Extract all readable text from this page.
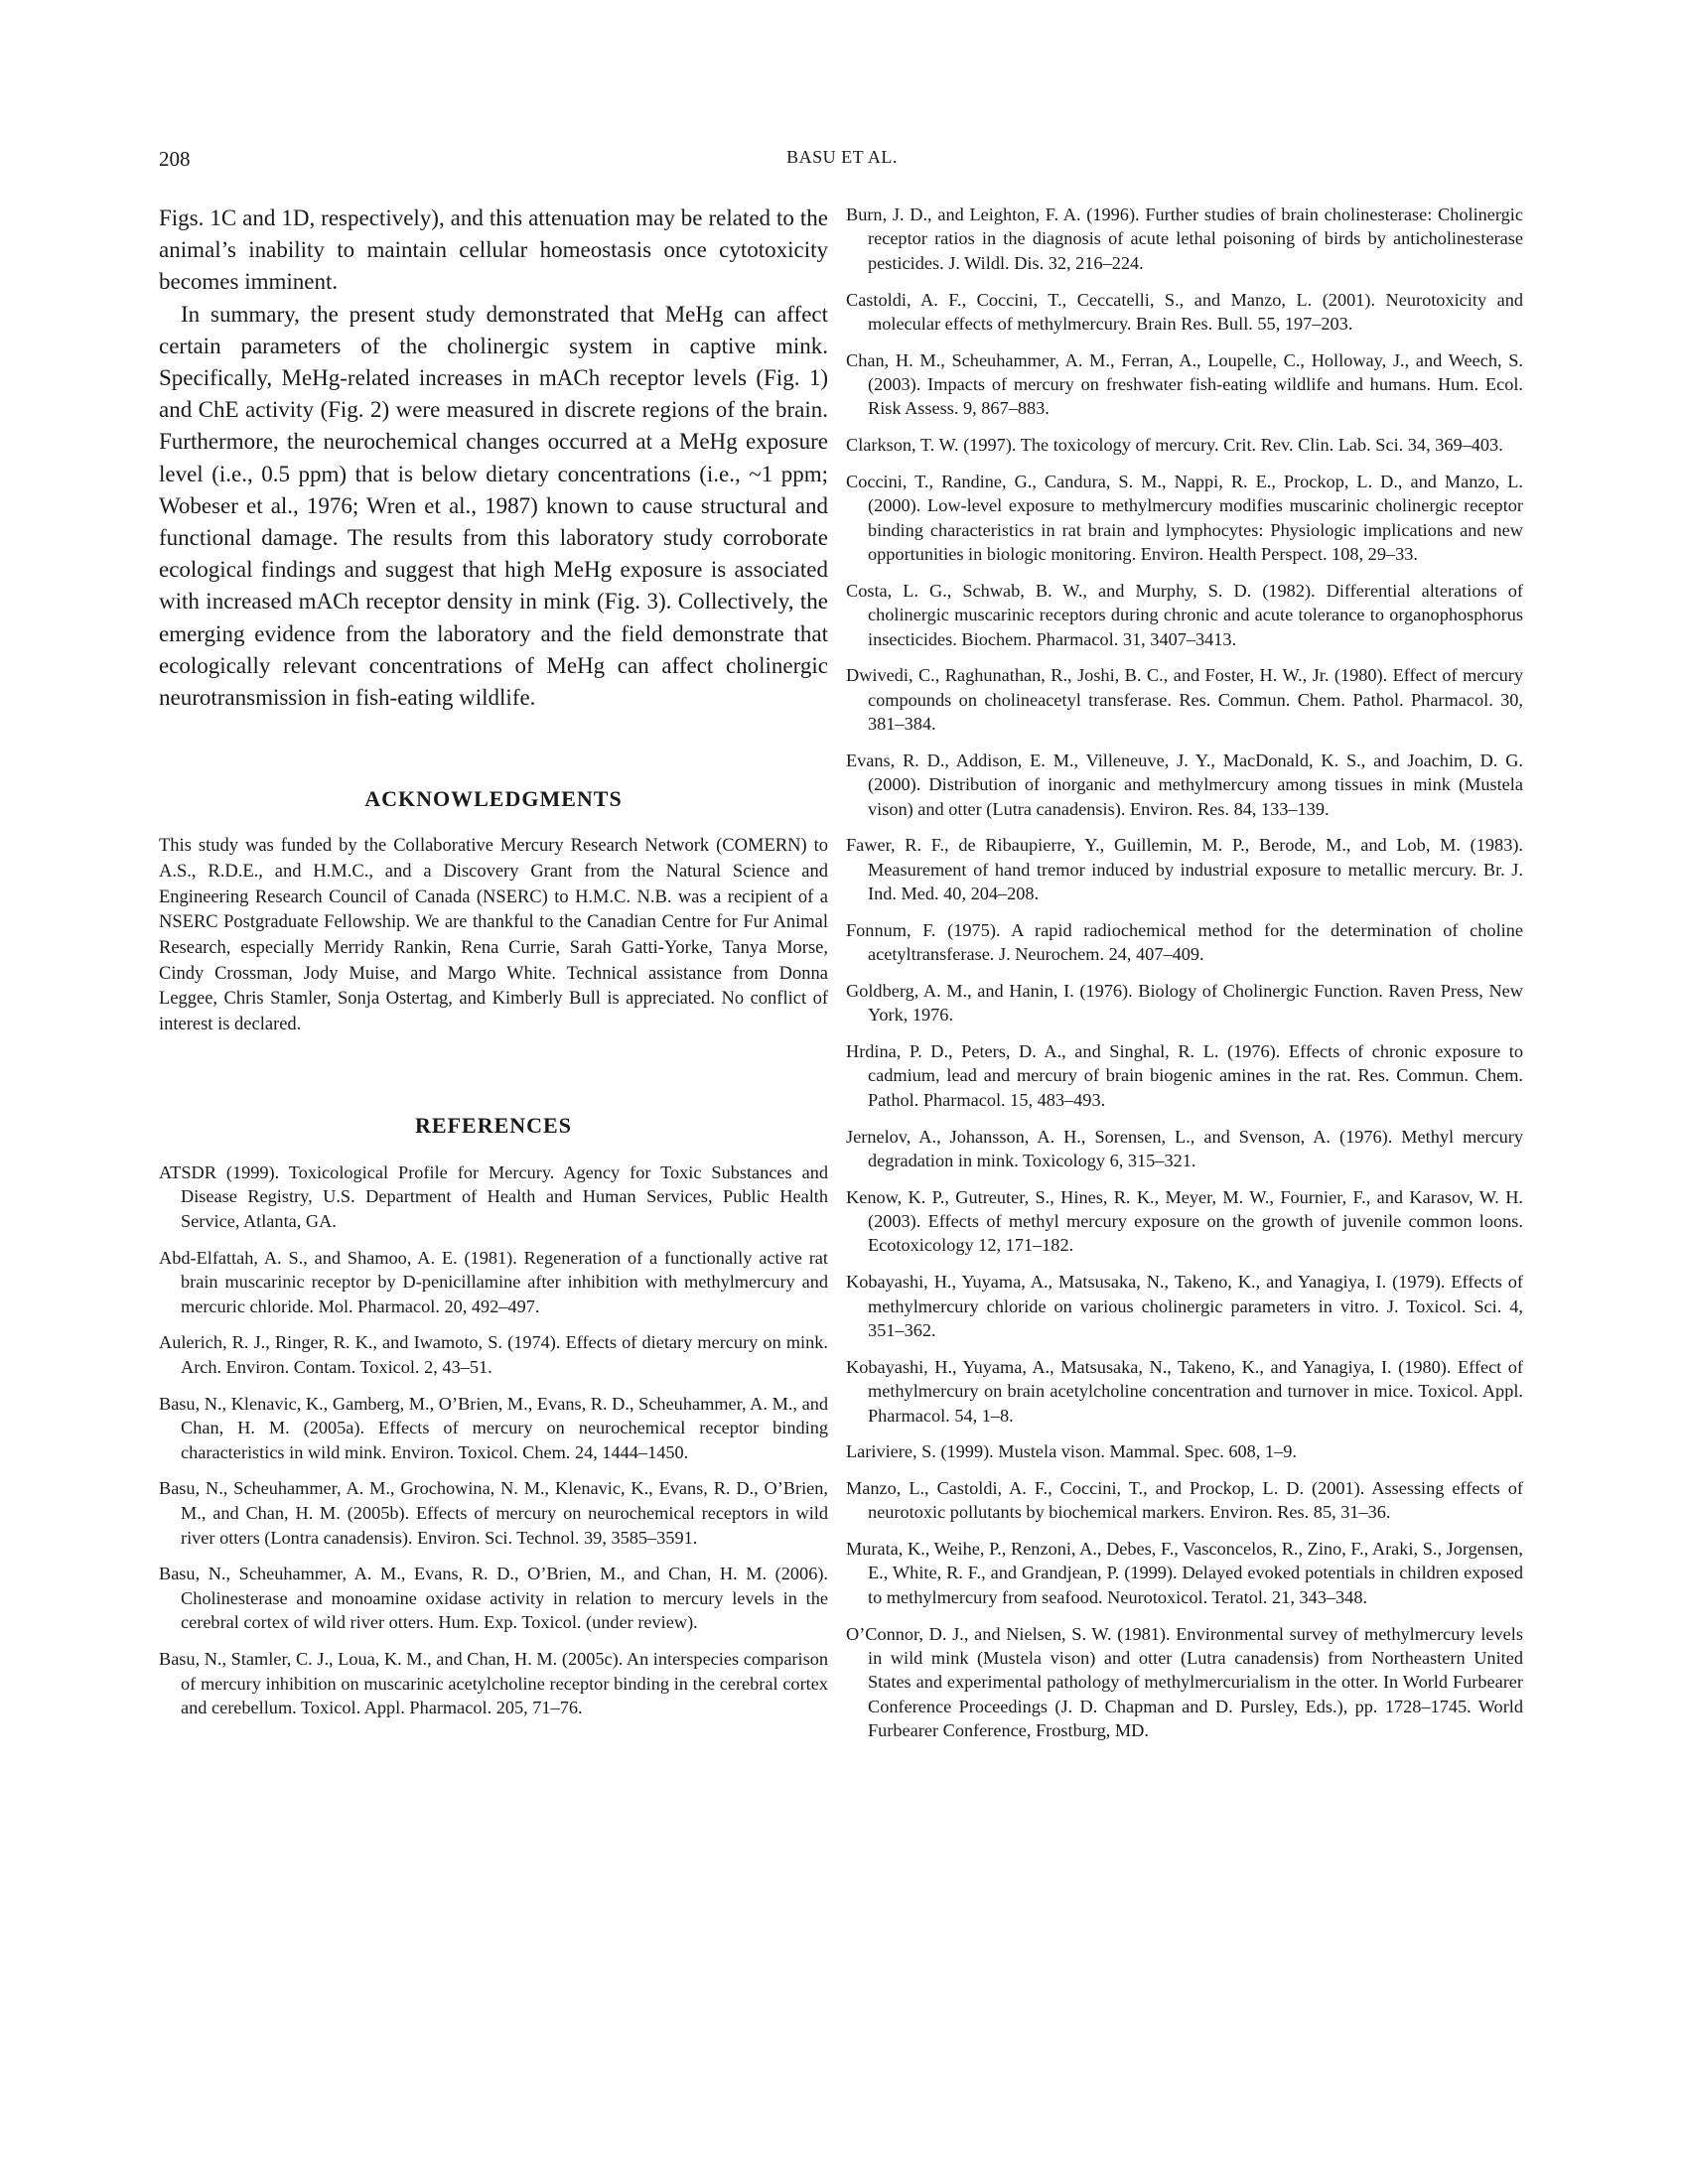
208	BASU ET AL.

Figs. 1C and 1D, respectively), and this attenuation may be related to the animal’s inability to maintain cellular homeostasis once cytotoxicity becomes imminent.

In summary, the present study demonstrated that MeHg can affect certain parameters of the cholinergic system in captive mink. Specifically, MeHg-related increases in mACh receptor levels (Fig. 1) and ChE activity (Fig. 2) were measured in discrete regions of the brain. Furthermore, the neurochemical changes occurred at a MeHg exposure level (i.e., 0.5 ppm) that is below dietary concentrations (i.e., ~1 ppm; Wobeser et al., 1976; Wren et al., 1987) known to cause structural and functional damage. The results from this laboratory study corroborate ecological findings and suggest that high MeHg exposure is associated with increased mACh receptor density in mink (Fig. 3). Collectively, the emerging evidence from the laboratory and the field demonstrate that ecologically relevant concentrations of MeHg can affect cholinergic neurotransmission in fish-eating wildlife.

ACKNOWLEDGMENTS

This study was funded by the Collaborative Mercury Research Network (COMERN) to A.S., R.D.E., and H.M.C., and a Discovery Grant from the Natural Science and Engineering Research Council of Canada (NSERC) to H.M.C. N.B. was a recipient of a NSERC Postgraduate Fellowship. We are thankful to the Canadian Centre for Fur Animal Research, especially Merridy Rankin, Rena Currie, Sarah Gatti-Yorke, Tanya Morse, Cindy Crossman, Jody Muise, and Margo White. Technical assistance from Donna Leggee, Chris Stamler, Sonja Ostertag, and Kimberly Bull is appreciated. No conflict of interest is declared.

REFERENCES
ATSDR (1999). Toxicological Profile for Mercury. Agency for Toxic Substances and Disease Registry, U.S. Department of Health and Human Services, Public Health Service, Atlanta, GA.
Abd-Elfattah, A. S., and Shamoo, A. E. (1981). Regeneration of a functionally active rat brain muscarinic receptor by D-penicillamine after inhibition with methylmercury and mercuric chloride. Mol. Pharmacol. 20, 492–497.
Aulerich, R. J., Ringer, R. K., and Iwamoto, S. (1974). Effects of dietary mercury on mink. Arch. Environ. Contam. Toxicol. 2, 43–51.
Basu, N., Klenavic, K., Gamberg, M., O’Brien, M., Evans, R. D., Scheuhammer, A. M., and Chan, H. M. (2005a). Effects of mercury on neurochemical receptor binding characteristics in wild mink. Environ. Toxicol. Chem. 24, 1444–1450.
Basu, N., Scheuhammer, A. M., Grochowina, N. M., Klenavic, K., Evans, R. D., O’Brien, M., and Chan, H. M. (2005b). Effects of mercury on neurochemical receptors in wild river otters (Lontra canadensis). Environ. Sci. Technol. 39, 3585–3591.
Basu, N., Scheuhammer, A. M., Evans, R. D., O’Brien, M., and Chan, H. M. (2006). Cholinesterase and monoamine oxidase activity in relation to mercury levels in the cerebral cortex of wild river otters. Hum. Exp. Toxicol. (under review).
Basu, N., Stamler, C. J., Loua, K. M., and Chan, H. M. (2005c). An interspecies comparison of mercury inhibition on muscarinic acetylcholine receptor binding in the cerebral cortex and cerebellum. Toxicol. Appl. Pharmacol. 205, 71–76.
Burn, J. D., and Leighton, F. A. (1996). Further studies of brain cholinesterase: Cholinergic receptor ratios in the diagnosis of acute lethal poisoning of birds by anticholinesterase pesticides. J. Wildl. Dis. 32, 216–224.
Castoldi, A. F., Coccini, T., Ceccatelli, S., and Manzo, L. (2001). Neurotoxicity and molecular effects of methylmercury. Brain Res. Bull. 55, 197–203.
Chan, H. M., Scheuhammer, A. M., Ferran, A., Loupelle, C., Holloway, J., and Weech, S. (2003). Impacts of mercury on freshwater fish-eating wildlife and humans. Hum. Ecol. Risk Assess. 9, 867–883.
Clarkson, T. W. (1997). The toxicology of mercury. Crit. Rev. Clin. Lab. Sci. 34, 369–403.
Coccini, T., Randine, G., Candura, S. M., Nappi, R. E., Prockop, L. D., and Manzo, L. (2000). Low-level exposure to methylmercury modifies muscarinic cholinergic receptor binding characteristics in rat brain and lymphocytes: Physiologic implications and new opportunities in biologic monitoring. Environ. Health Perspect. 108, 29–33.
Costa, L. G., Schwab, B. W., and Murphy, S. D. (1982). Differential alterations of cholinergic muscarinic receptors during chronic and acute tolerance to organophosphorus insecticides. Biochem. Pharmacol. 31, 3407–3413.
Dwivedi, C., Raghunathan, R., Joshi, B. C., and Foster, H. W., Jr. (1980). Effect of mercury compounds on cholineacetyl transferase. Res. Commun. Chem. Pathol. Pharmacol. 30, 381–384.
Evans, R. D., Addison, E. M., Villeneuve, J. Y., MacDonald, K. S., and Joachim, D. G. (2000). Distribution of inorganic and methylmercury among tissues in mink (Mustela vison) and otter (Lutra canadensis). Environ. Res. 84, 133–139.
Fawer, R. F., de Ribaupierre, Y., Guillemin, M. P., Berode, M., and Lob, M. (1983). Measurement of hand tremor induced by industrial exposure to metallic mercury. Br. J. Ind. Med. 40, 204–208.
Fonnum, F. (1975). A rapid radiochemical method for the determination of choline acetyltransferase. J. Neurochem. 24, 407–409.
Goldberg, A. M., and Hanin, I. (1976). Biology of Cholinergic Function. Raven Press, New York, 1976.
Hrdina, P. D., Peters, D. A., and Singhal, R. L. (1976). Effects of chronic exposure to cadmium, lead and mercury of brain biogenic amines in the rat. Res. Commun. Chem. Pathol. Pharmacol. 15, 483–493.
Jernelov, A., Johansson, A. H., Sorensen, L., and Svenson, A. (1976). Methyl mercury degradation in mink. Toxicology 6, 315–321.
Kenow, K. P., Gutreuter, S., Hines, R. K., Meyer, M. W., Fournier, F., and Karasov, W. H. (2003). Effects of methyl mercury exposure on the growth of juvenile common loons. Ecotoxicology 12, 171–182.
Kobayashi, H., Yuyama, A., Matsusaka, N., Takeno, K., and Yanagiya, I. (1979). Effects of methylmercury chloride on various cholinergic parameters in vitro. J. Toxicol. Sci. 4, 351–362.
Kobayashi, H., Yuyama, A., Matsusaka, N., Takeno, K., and Yanagiya, I. (1980). Effect of methylmercury on brain acetylcholine concentration and turnover in mice. Toxicol. Appl. Pharmacol. 54, 1–8.
Lariviere, S. (1999). Mustela vison. Mammal. Spec. 608, 1–9.
Manzo, L., Castoldi, A. F., Coccini, T., and Prockop, L. D. (2001). Assessing effects of neurotoxic pollutants by biochemical markers. Environ. Res. 85, 31–36.
Murata, K., Weihe, P., Renzoni, A., Debes, F., Vasconcelos, R., Zino, F., Araki, S., Jorgensen, E., White, R. F., and Grandjean, P. (1999). Delayed evoked potentials in children exposed to methylmercury from seafood. Neurotoxicol. Teratol. 21, 343–348.
O’Connor, D. J., and Nielsen, S. W. (1981). Environmental survey of methylmercury levels in wild mink (Mustela vison) and otter (Lutra canadensis) from Northeastern United States and experimental pathology of methylmercurialism in the otter. In World Furbearer Conference Proceedings (J. D. Chapman and D. Pursley, Eds.), pp. 1728–1745. World Furbearer Conference, Frostburg, MD.
